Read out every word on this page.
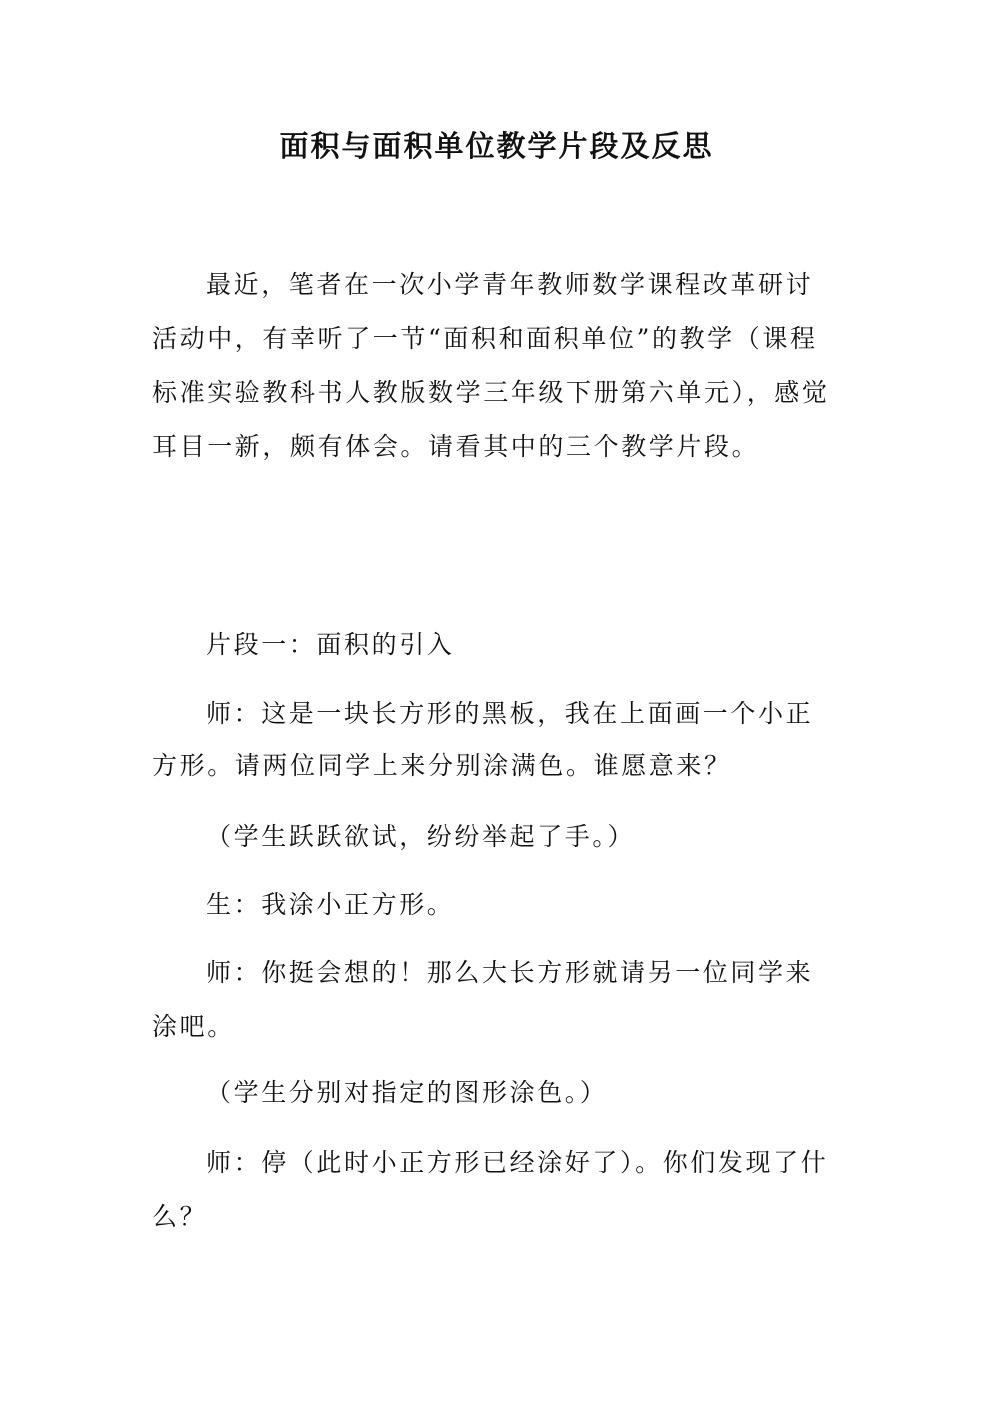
面积与面积单位教学片段及反思

最近，笔者在一次小学青年教师数学课程改革研讨活动中，有幸听了一节“面积和面积单位”的教学（课程标准实验教科书人教版数学三年级下册第六单元），感觉耳目一新，颇有体会。请看其中的三个教学片段。

片段一：面积的引入

师：这是一块长方形的黑板，我在上面画一个小正方形。请两位同学上来分别涂满色。谁愿意来？

（学生跃跃欲试，纷纷举起了手。）

生：我涂小正方形。

师：你挺会想的！那么大长方形就请另一位同学来涂吧。

（学生分别对指定的图形涂色。）

师：停（此时小正方形已经涂好了）。你们发现了什么？
